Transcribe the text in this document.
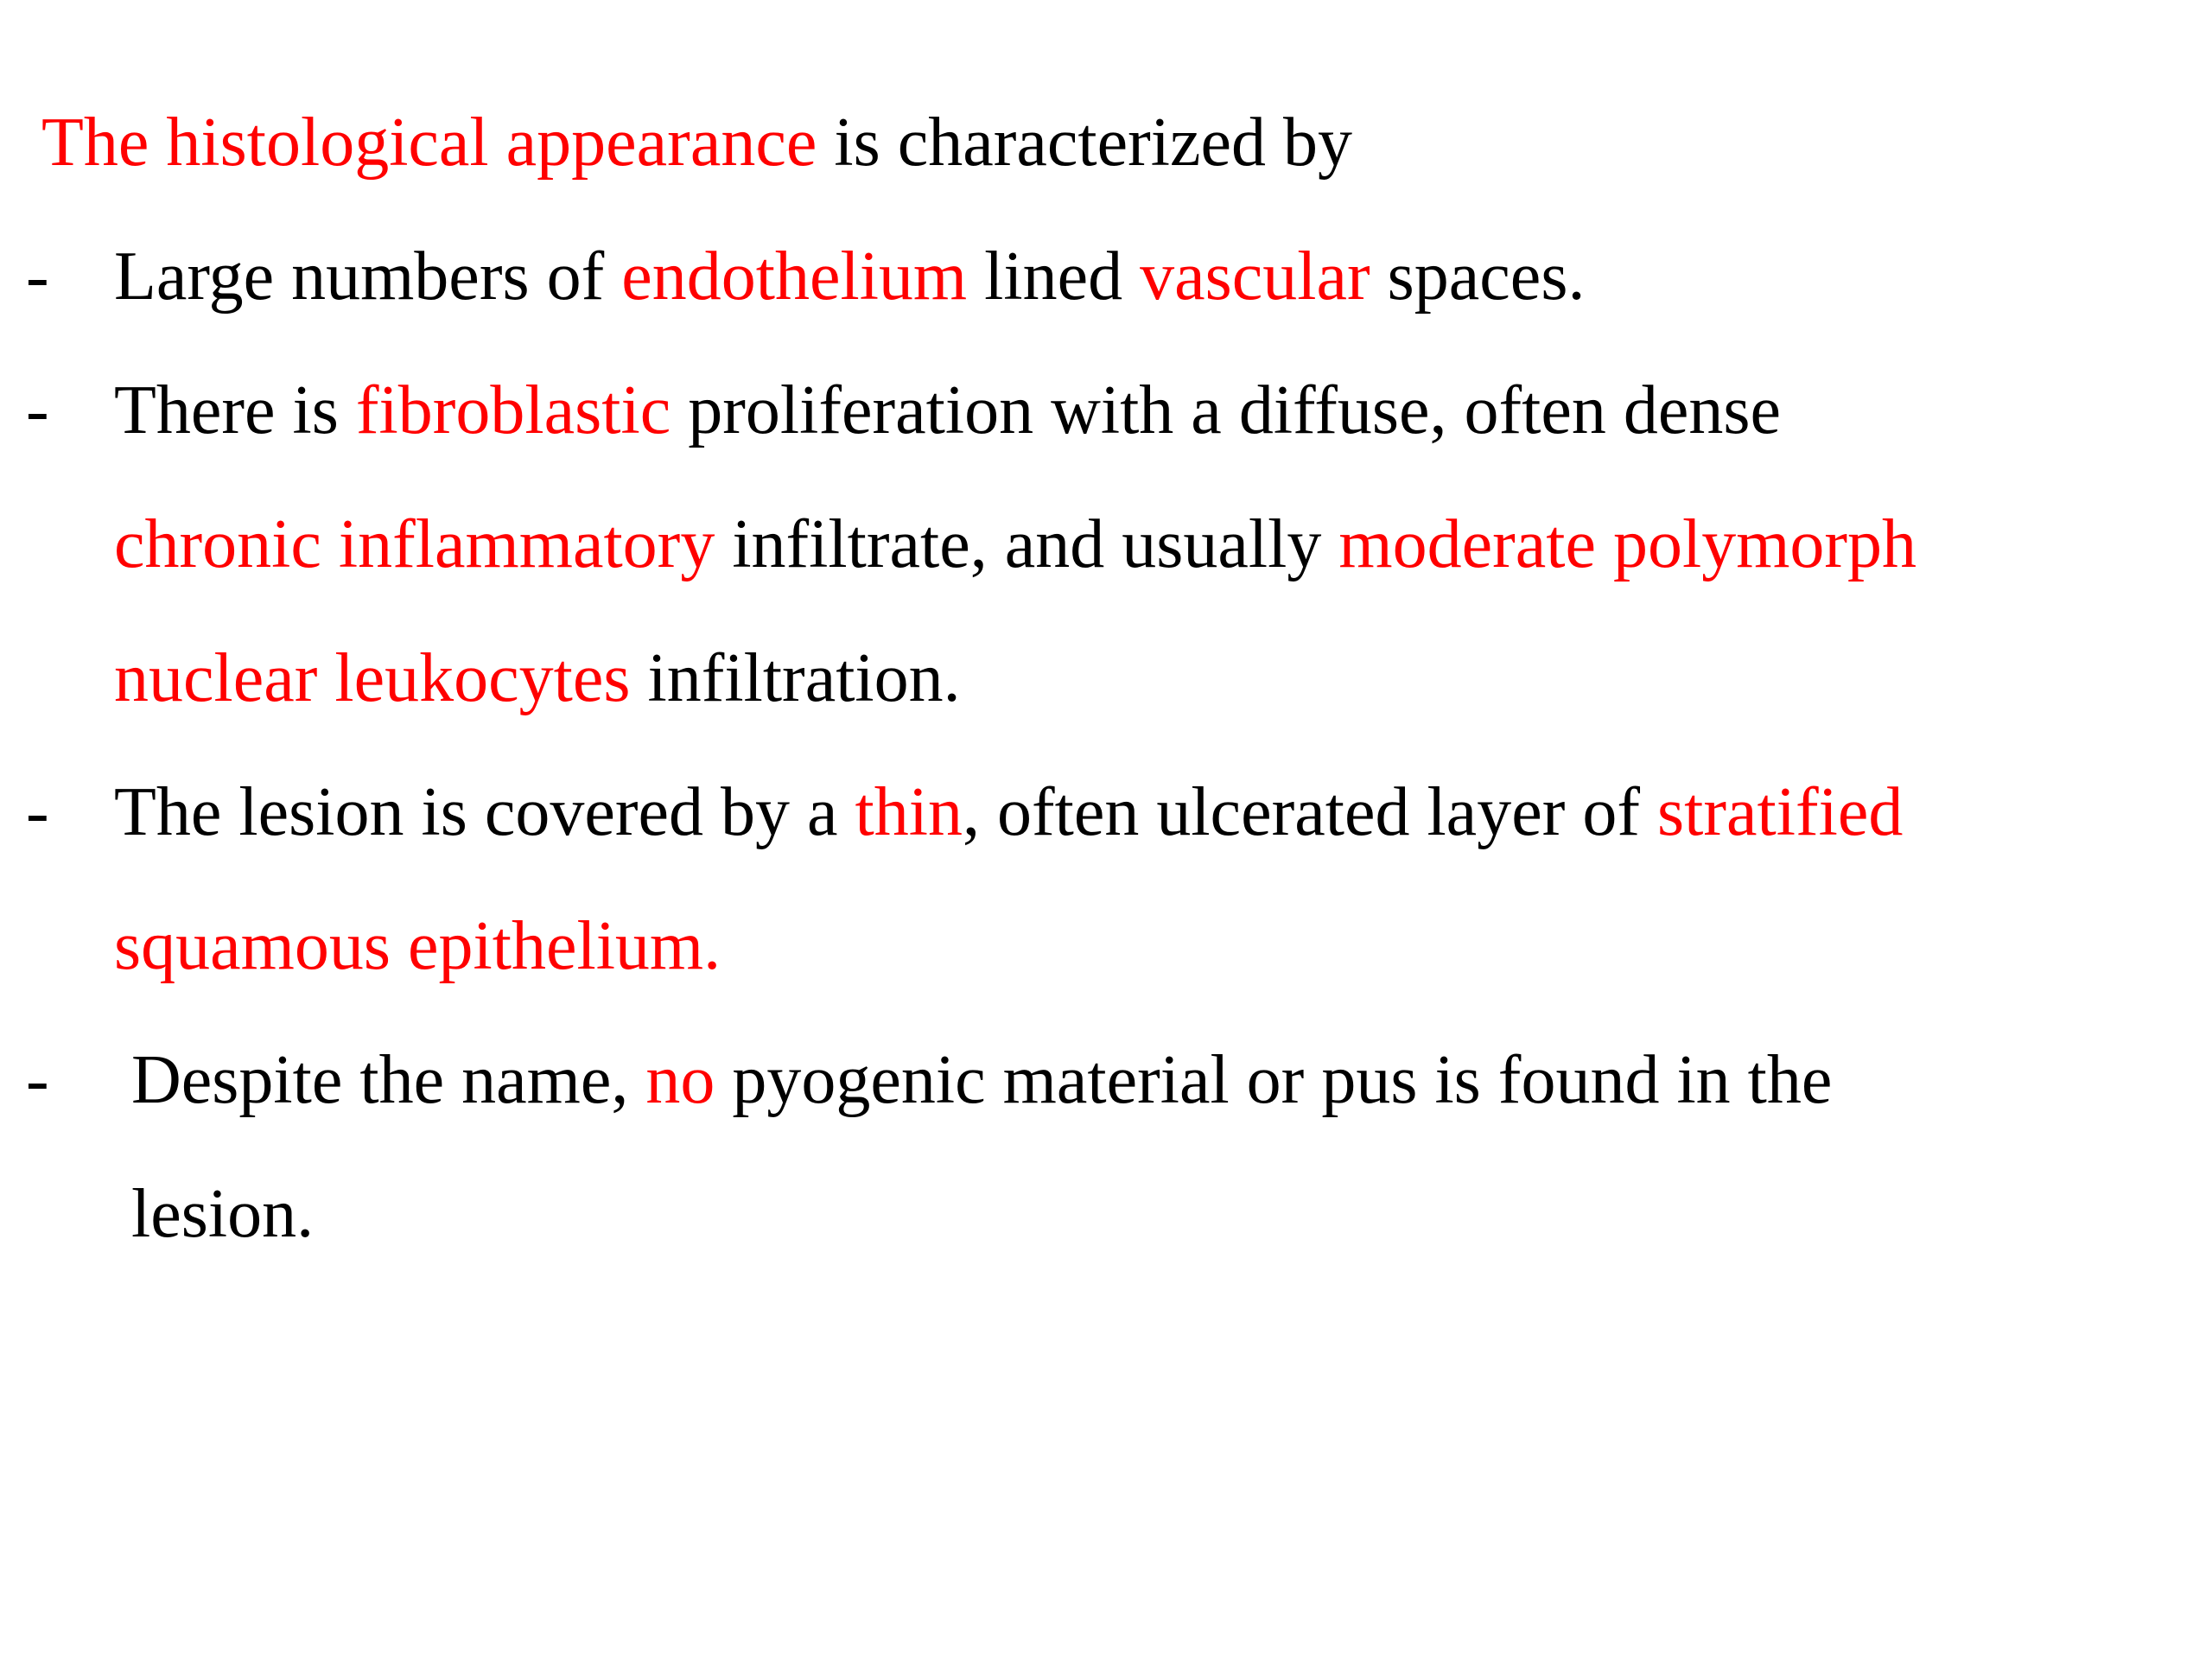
The histological appearance is characterized by
- Large numbers of endothelium lined vascular spaces.
- There is fibroblastic proliferation with a diffuse, often dense
chronic inflammatory infiltrate, and usually moderate polymorph
nuclear leukocytes infiltration.
- The lesion is covered by a thin, often ulcerated layer of stratified
squamous epithelium.
- Despite the name, no pyogenic material or pus is found in the
lesion.
